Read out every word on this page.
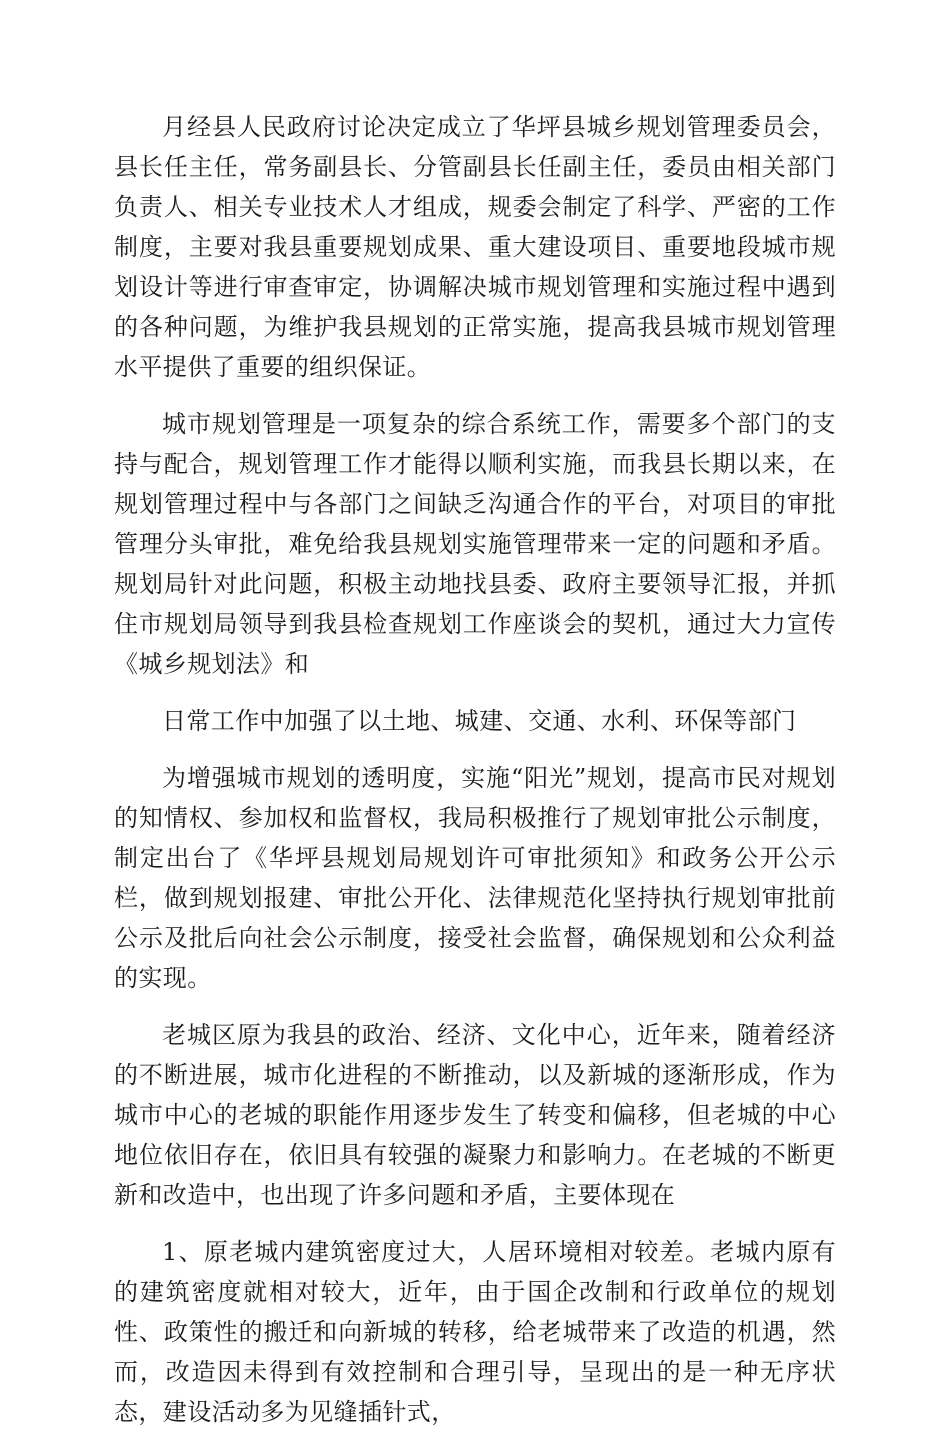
月经县人民政府讨论决定成立了华坪县城乡规划管理委员会，县长任主任，常务副县长、分管副县长任副主任，委员由相关部门负责人、相关专业技术人才组成，规委会制定了科学、严密的工作制度，主要对我县重要规划成果、重大建设项目、重要地段城市规划设计等进行审查审定，协调解决城市规划管理和实施过程中遇到的各种问题，为维护我县规划的正常实施，提高我县城市规划管理水平提供了重要的组织保证。

城市规划管理是一项复杂的综合系统工作，需要多个部门的支持与配合，规划管理工作才能得以顺利实施，而我县长期以来，在规划管理过程中与各部门之间缺乏沟通合作的平台，对项目的审批管理分头审批，难免给我县规划实施管理带来一定的问题和矛盾。规划局针对此问题，积极主动地找县委、政府主要领导汇报，并抓住市规划局领导到我县检查规划工作座谈会的契机，通过大力宣传《城乡规划法》和

日常工作中加强了以土地、城建、交通、水利、环保等部门

为增强城市规划的透明度，实施“阳光”规划，提高市民对规划的知情权、参加权和监督权，我局积极推行了规划审批公示制度，制定出台了《华坪县规划局规划许可审批须知》和政务公开公示栏，做到规划报建、审批公开化、法律规范化坚持执行规划审批前公示及批后向社会公示制度，接受社会监督，确保规划和公众利益的实现。

老城区原为我县的政治、经济、文化中心，近年来，随着经济的不断进展，城市化进程的不断推动，以及新城的逐渐形成，作为城市中心的老城的职能作用逐步发生了转变和偏移，但老城的中心地位依旧存在，依旧具有较强的凝聚力和影响力。在老城的不断更新和改造中，也出现了许多问题和矛盾，主要体现在

1、原老城内建筑密度过大，人居环境相对较差。老城内原有的建筑密度就相对较大，近年，由于国企改制和行政单位的规划性、政策性的搬迁和向新城的转移，给老城带来了改造的机遇，然而，改造因未得到有效控制和合理引导，呈现出的是一种无序状态，建设活动多为见缝插针式，
